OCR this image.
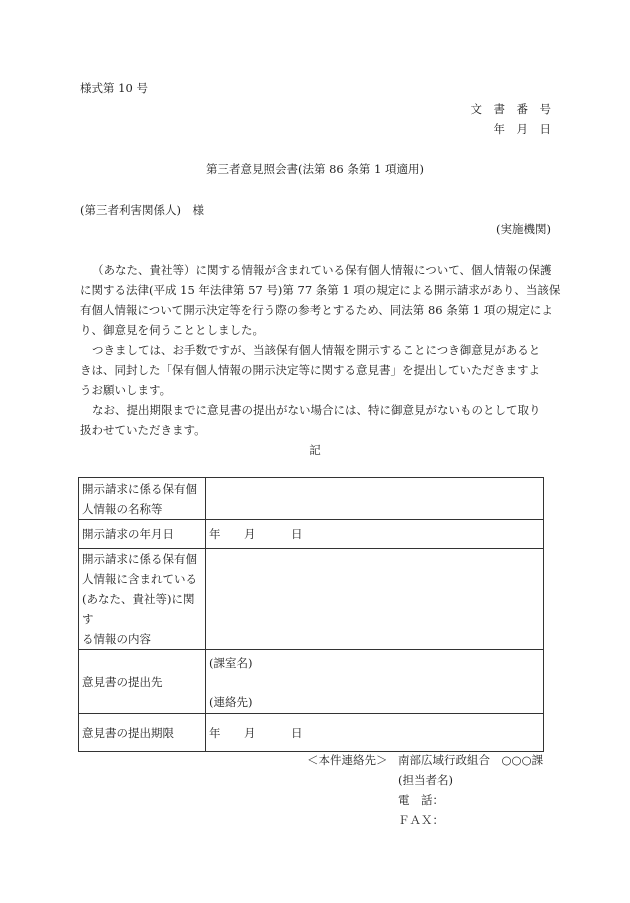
様式第 10 号
文　書　番　号
年　月　日
第三者意見照会書(法第 86 条第 1 項適用)
(第三者利害関係人)　様
(実施機関)
（あなた、貴社等）に関する情報が含まれている保有個人情報について、個人情報の保護
に関する法律(平成 15 年法律第 57 号)第 77 条第 1 項の規定による開示請求があり、当該保
有個人情報について開示決定等を行う際の参考とするため、同法第 86 条第 1 項の規定によ
り、御意見を伺うこととしました。
つきましては、お手数ですが、当該保有個人情報を開示することにつき御意見があると
きは、同封した「保有個人情報の開示決定等に関する意見書」を提出していただきますよ
うお願いします。
なお、提出期限までに意見書の提出がない場合には、特に御意見がないものとして取り
扱わせていただきます。
記
開示請求に係る保有個
人情報の名称等	

開示請求の年月日	年 月 日

開示請求に係る保有個
人情報に含まれている
(あなた、貴社等)に関す
る情報の内容	

意見書の提出先	(課室名)
(連絡先)

意見書の提出期限	年 月 日
＜本件連絡先＞ 南部広域行政組合　○○○課
(担当者名)
電　話：
ＦＡＸ：
